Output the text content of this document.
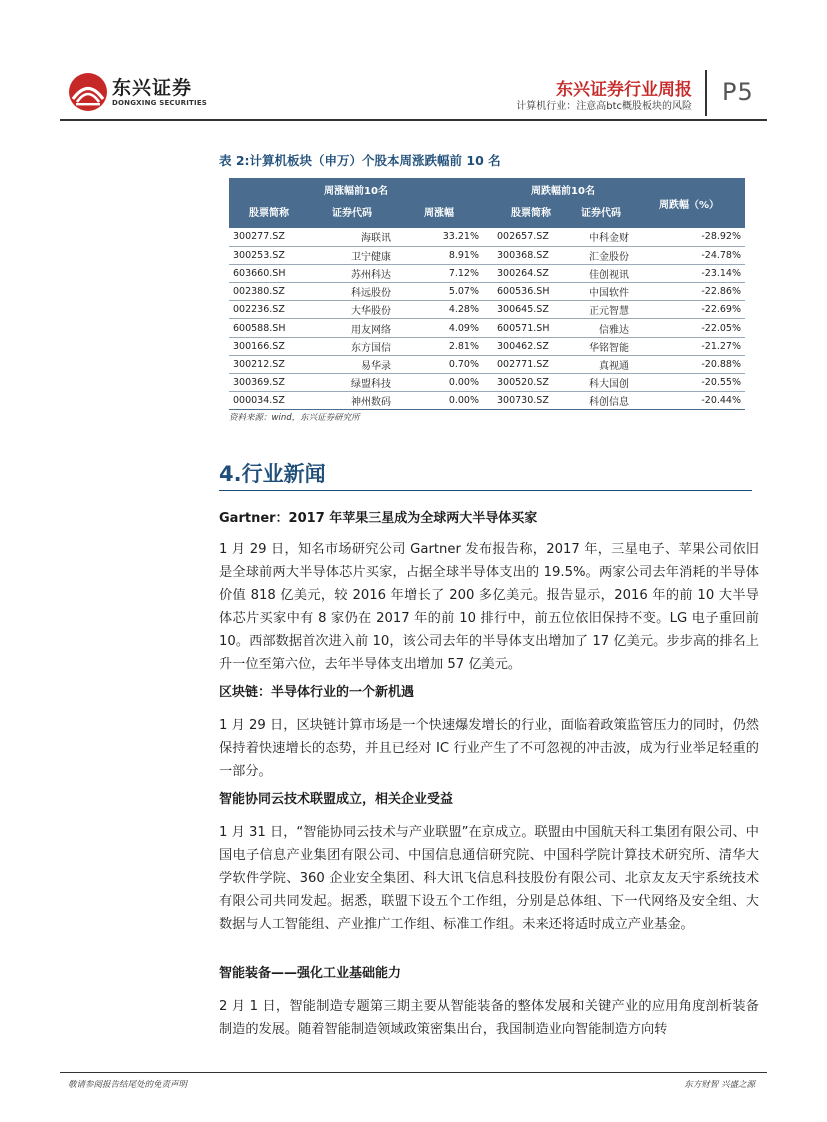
东兴证券
DONGXING SECURITIES
东兴证券行业周报
计算机行业：注意高btc概股板块的风险
P5
表 2:计算机板块（申万）个股本周涨跌幅前 10 名
周涨幅前10名				周跌幅前10名		周跌幅（%）
股票简称	证券代码	周涨幅		股票简称	证券代码	
300277.SZ	海联讯	33.21%		002657.SZ	中科金财	-28.92%
300253.SZ	卫宁健康	8.91%		300368.SZ	汇金股份	-24.78%
603660.SH	苏州科达	7.12%		300264.SZ	佳创视讯	-23.14%
002380.SZ	科远股份	5.07%		600536.SH	中国软件	-22.86%
002236.SZ	大华股份	4.28%		300645.SZ	正元智慧	-22.69%
600588.SH	用友网络	4.09%		600571.SH	信雅达	-22.05%
300166.SZ	东方国信	2.81%		300462.SZ	华铭智能	-21.27%
300212.SZ	易华录	0.70%		002771.SZ	真视通	-20.88%
300369.SZ	绿盟科技	0.00%		300520.SZ	科大国创	-20.55%
000034.SZ	神州数码	0.00%		300730.SZ	科创信息	-20.44%
资料来源：wind，东兴证券研究所
4.行业新闻
Gartner：2017 年苹果三星成为全球两大半导体买家

1 月 29 日，知名市场研究公司 Gartner 发布报告称，2017 年，三星电子、苹果公司依旧是全球前两大半导体芯片买家，占据全球半导体支出的 19.5%。两家公司去年消耗的半导体价值 818 亿美元，较 2016 年增长了 200 多亿美元。报告显示，2016 年的前 10 大半导体芯片买家中有 8 家仍在 2017 年的前 10 排行中，前五位依旧保持不变。LG 电子重回前 10。西部数据首次进入前 10，该公司去年的半导体支出增加了 17 亿美元。步步高的排名上升一位至第六位，去年半导体支出增加 57 亿美元。

区块链：半导体行业的一个新机遇

1 月 29 日，区块链计算市场是一个快速爆发增长的行业，面临着政策监管压力的同时，仍然保持着快速增长的态势，并且已经对 IC 行业产生了不可忽视的冲击波，成为行业举足轻重的一部分。

智能协同云技术联盟成立，相关企业受益

1 月 31 日，“智能协同云技术与产业联盟”在京成立。联盟由中国航天科工集团有限公司、中国电子信息产业集团有限公司、中国信息通信研究院、中国科学院计算技术研究所、清华大学软件学院、360 企业安全集团、科大讯飞信息科技股份有限公司、北京友友天宇系统技术有限公司共同发起。据悉，联盟下设五个工作组，分别是总体组、下一代网络及安全组、大数据与人工智能组、产业推广工作组、标准工作组。未来还将适时成立产业基金。

智能装备——强化工业基础能力

2 月 1 日，智能制造专题第三期主要从智能装备的整体发展和关键产业的应用角度剖析装备制造的发展。随着智能制造领域政策密集出台，我国制造业向智能制造方向转

敬请参阅报告结尾处的免责声明	东方财智 兴盛之源
